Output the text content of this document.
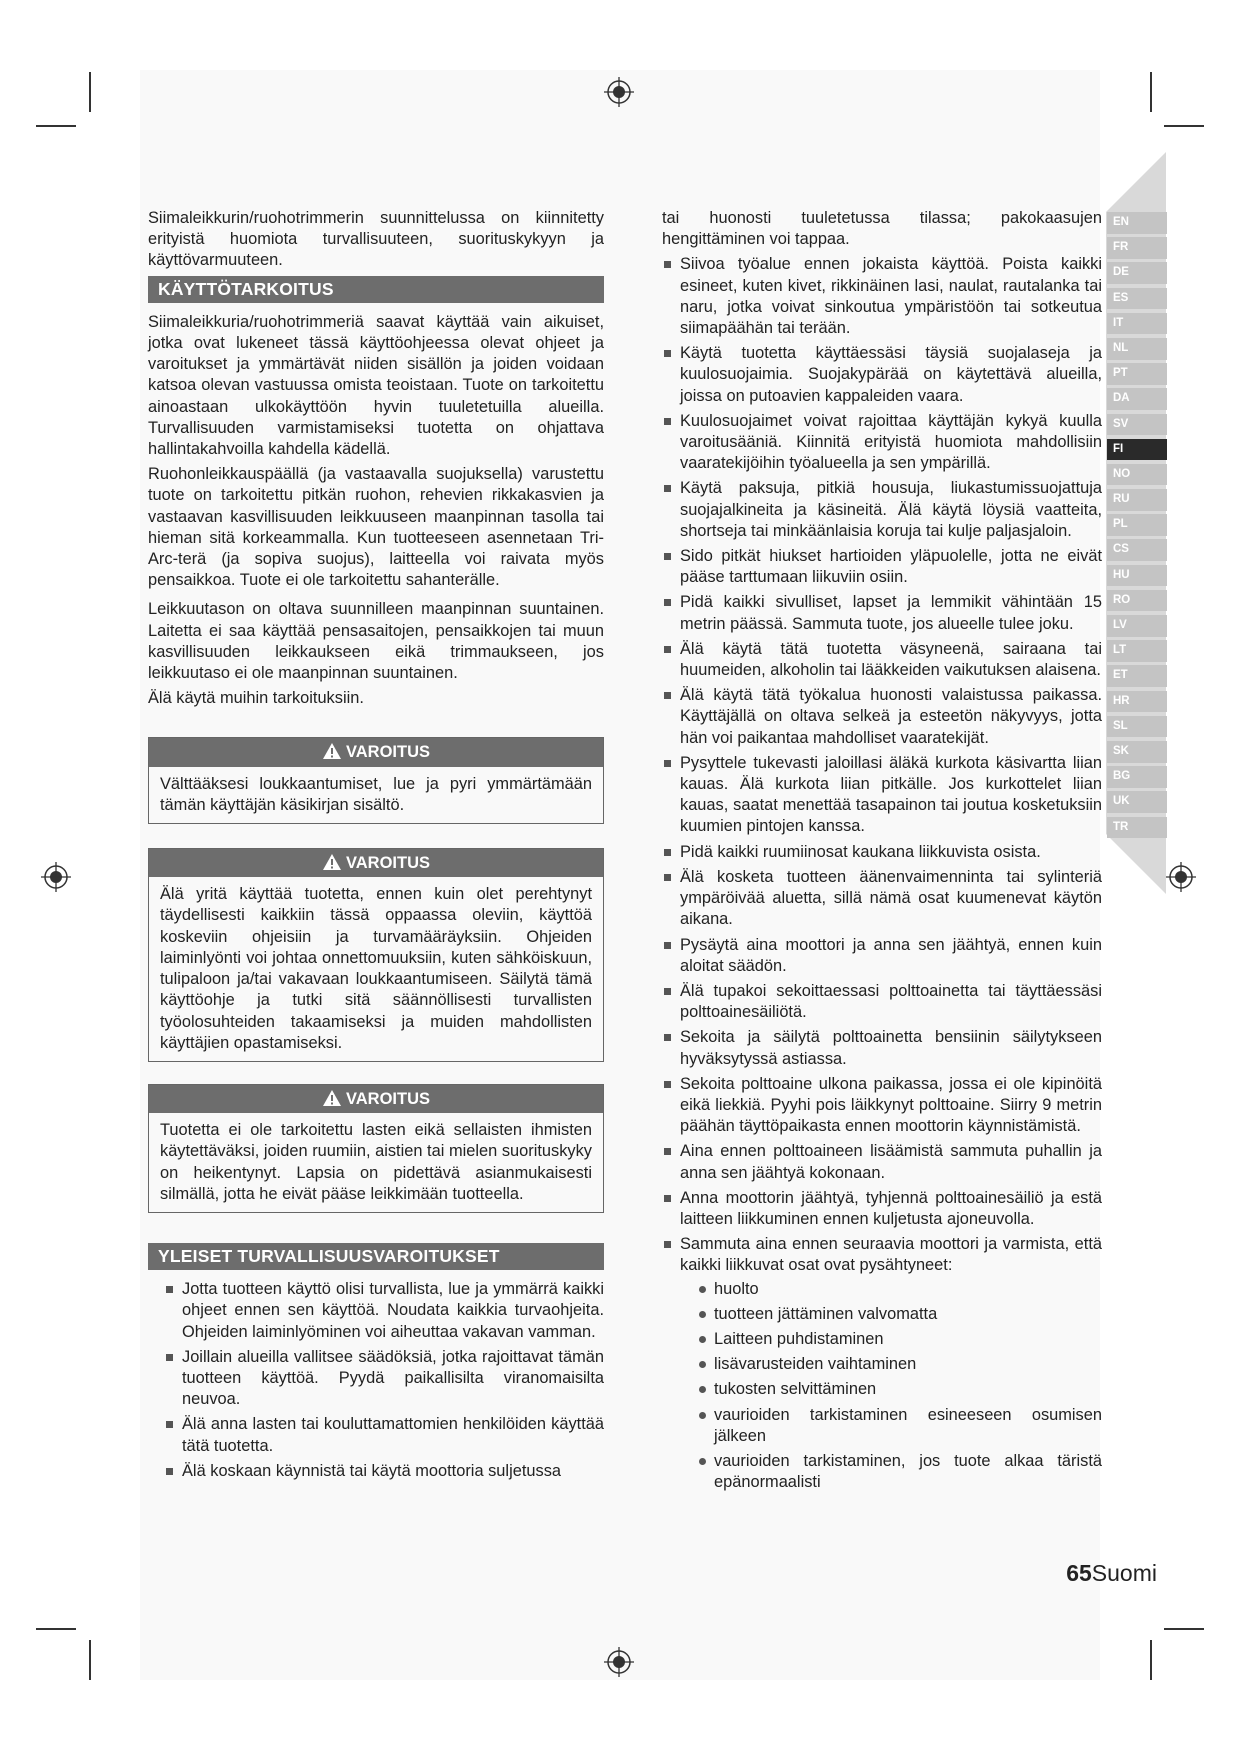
Siimaleikkurin/ruohotrimmerin suunnittelussa on kiinnitetty erityistä huomiota turvallisuuteen, suorituskykyyn ja käyttövarmuuteen.

KÄYTTÖTARKOITUS

Siimaleikkuria/ruohotrimmeriä saavat käyttää vain aikuiset, jotka ovat lukeneet tässä käyttöohjeessa olevat ohjeet ja varoitukset ja ymmärtävät niiden sisällön ja joiden voidaan katsoa olevan vastuussa omista teoistaan. Tuote on tarkoitettu ainoastaan ulkokäyttöön hyvin tuuletetuilla alueilla. Turvallisuuden varmistamiseksi tuotetta on ohjattava hallintakahvoilla kahdella kädellä.

Ruohonleikkauspäällä (ja vastaavalla suojuksella) varustettu tuote on tarkoitettu pitkän ruohon, rehevien rikkakasvien ja vastaavan kasvillisuuden leikkuuseen maanpinnan tasolla tai hieman sitä korkeammalla. Kun tuotteeseen asennetaan Tri-Arc-terä (ja sopiva suojus), laitteella voi raivata myös pensaikkoa. Tuote ei ole tarkoitettu sahanterälle.

Leikkuutason on oltava suunnilleen maanpinnan suuntainen. Laitetta ei saa käyttää pensasaitojen, pensaikkojen tai muun kasvillisuuden leikkaukseen eikä trimmaukseen, jos leikkuutaso ei ole maanpinnan suuntainen.

Älä käytä muihin tarkoituksiin.

VAROITUS
Välttääksesi loukkaantumiset, lue ja pyri ymmärtämään tämän käyttäjän käsikirjan sisältö.
VAROITUS
Älä yritä käyttää tuotetta, ennen kuin olet perehtynyt täydellisesti kaikkiin tässä oppaassa oleviin, käyttöä koskeviin ohjeisiin ja turvamääräyksiin. Ohjeiden laiminlyönti voi johtaa onnettomuuksiin, kuten sähköiskuun, tulipaloon ja/tai vakavaan loukkaantumiseen. Säilytä tämä käyttöohje ja tutki sitä säännöllisesti turvallisten työolosuhteiden takaamiseksi ja muiden mahdollisten käyttäjien opastamiseksi.
VAROITUS
Tuotetta ei ole tarkoitettu lasten eikä sellaisten ihmisten käytettäväksi, joiden ruumiin, aistien tai mielen suorituskyky on heikentynyt. Lapsia on pidettävä asianmukaisesti silmällä, jotta he eivät pääse leikkimään tuotteella.
YLEISET TURVALLISUUSVAROITUKSET
Jotta tuotteen käyttö olisi turvallista, lue ja ymmärrä kaikki ohjeet ennen sen käyttöä. Noudata kaikkia turvaohjeita. Ohjeiden laiminlyöminen voi aiheuttaa vakavan vamman.
Joillain alueilla vallitsee säädöksiä, jotka rajoittavat tämän tuotteen käyttöä. Pyydä paikallisilta viranomaisilta neuvoa.
Älä anna lasten tai kouluttamattomien henkilöiden käyttää tätä tuotetta.
Älä koskaan käynnistä tai käytä moottoria suljetussa

tai huonosti tuuletetussa tilassa; pakokaasujen hengittäminen voi tappaa.

Siivoa työalue ennen jokaista käyttöä. Poista kaikki esineet, kuten kivet, rikkinäinen lasi, naulat, rautalanka tai naru, jotka voivat sinkoutua ympäristöön tai sotkeutua siimapäähän tai terään.
Käytä tuotetta käyttäessäsi täysiä suojalaseja ja kuulosuojaimia. Suojakypärää on käytettävä alueilla, joissa on putoavien kappaleiden vaara.
Kuulosuojaimet voivat rajoittaa käyttäjän kykyä kuulla varoitusääniä. Kiinnitä erityistä huomiota mahdollisiin vaaratekijöihin työalueella ja sen ympärillä.
Käytä paksuja, pitkiä housuja, liukastumissuojattuja suojajalkineita ja käsineitä. Älä käytä löysiä vaatteita, shortseja tai minkäänlaisia koruja tai kulje paljasjaloin.
Sido pitkät hiukset hartioiden yläpuolelle, jotta ne eivät pääse tarttumaan liikuviin osiin.
Pidä kaikki sivulliset, lapset ja lemmikit vähintään 15 metrin päässä. Sammuta tuote, jos alueelle tulee joku.
Älä käytä tätä tuotetta väsyneenä, sairaana tai huumeiden, alkoholin tai lääkkeiden vaikutuksen alaisena.
Älä käytä tätä työkalua huonosti valaistussa paikassa. Käyttäjällä on oltava selkeä ja esteetön näkyvyys, jotta hän voi paikantaa mahdolliset vaaratekijät.
Pysyttele tukevasti jaloillasi äläkä kurkota käsivartta liian kauas. Älä kurkota liian pitkälle. Jos kurkottelet liian kauas, saatat menettää tasapainon tai joutua kosketuksiin kuumien pintojen kanssa.
Pidä kaikki ruumiinosat kaukana liikkuvista osista.
Älä kosketa tuotteen äänenvaimenninta tai sylinteriä ympäröivää aluetta, sillä nämä osat kuumenevat käytön aikana.
Pysäytä aina moottori ja anna sen jäähtyä, ennen kuin aloitat säädön.
Älä tupakoi sekoittaessasi polttoainetta tai täyttäessäsi polttoainesäiliötä.
Sekoita ja säilytä polttoainetta bensiinin säilytykseen hyväksytyssä astiassa.
Sekoita polttoaine ulkona paikassa, jossa ei ole kipinöitä eikä liekkiä. Pyyhi pois läikkynyt polttoaine. Siirry 9 metrin päähän täyttöpaikasta ennen moottorin käynnistämistä.
Aina ennen polttoaineen lisäämistä sammuta puhallin ja anna sen jäähtyä kokonaan.
Anna moottorin jäähtyä, tyhjennä polttoainesäiliö ja estä laitteen liikkuminen ennen kuljetusta ajoneuvolla.
Sammuta aina ennen seuraavia moottori ja varmista, että kaikki liikkuvat osat ovat pysähtyneet:
huolto
tuotteen jättäminen valvomatta
Laitteen puhdistaminen
lisävarusteiden vaihtaminen
tukosten selvittäminen
vaurioiden tarkistaminen esineeseen osumisen jälkeen
vaurioiden tarkistaminen, jos tuote alkaa täristä epänormaalisti
EN
FR
DE
ES
IT
NL
PT
DA
SV
FI
NO
RU
PL
CS
HU
RO
LV
LT
ET
HR
SL
SK
BG
UK
TR
65Suomi
